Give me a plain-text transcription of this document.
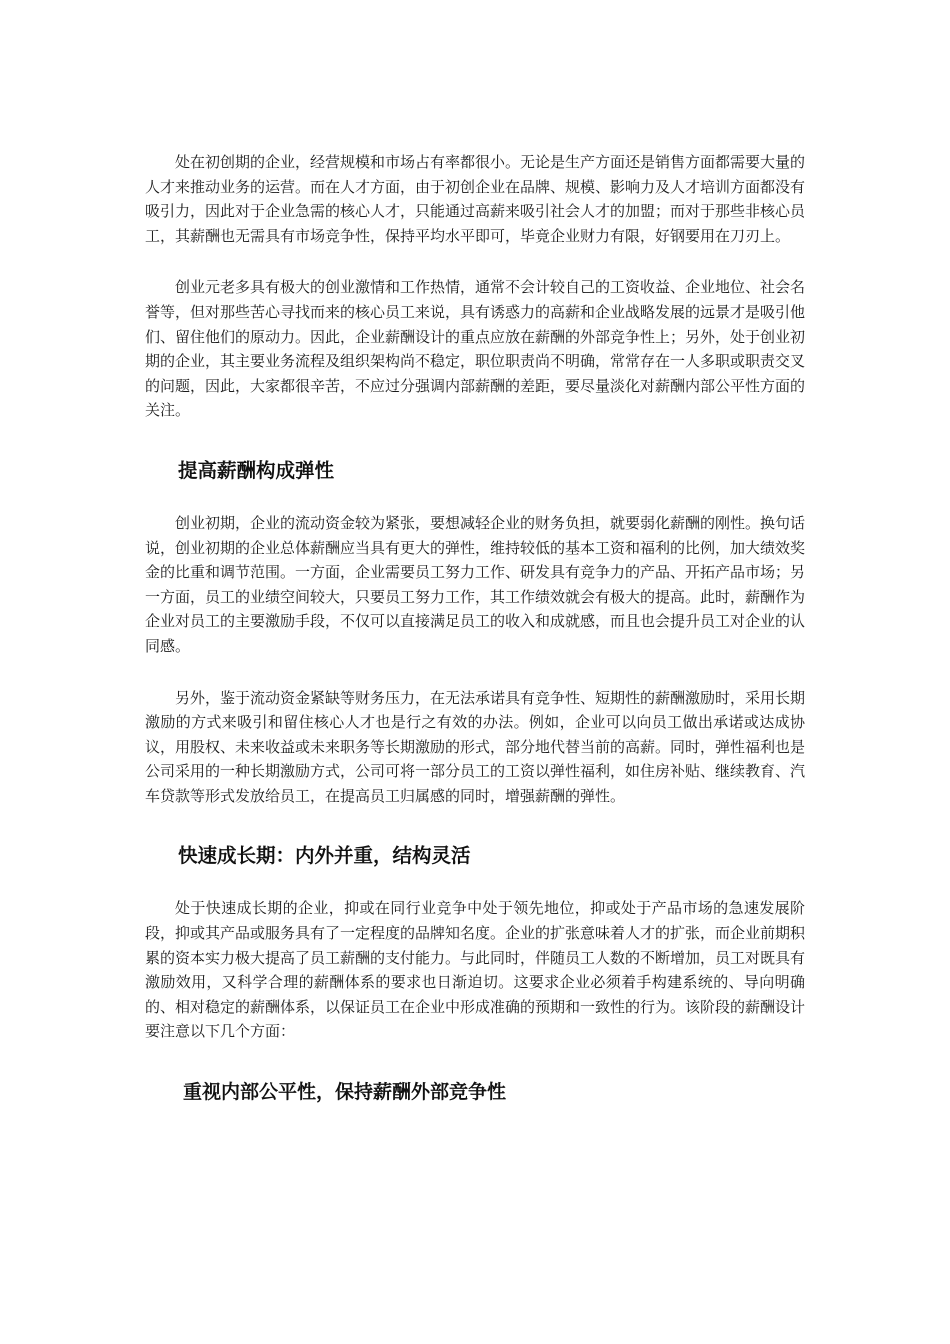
处在初创期的企业，经营规模和市场占有率都很小。无论是生产方面还是销售方面都需要大量的人才来推动业务的运营。而在人才方面，由于初创企业在品牌、规模、影响力及人才培训方面都没有吸引力，因此对于企业急需的核心人才，只能通过高薪来吸引社会人才的加盟；而对于那些非核心员工，其薪酬也无需具有市场竞争性，保持平均水平即可，毕竟企业财力有限，好钢要用在刀刃上。

创业元老多具有极大的创业激情和工作热情，通常不会计较自己的工资收益、企业地位、社会名誉等，但对那些苦心寻找而来的核心员工来说，具有诱惑力的高薪和企业战略发展的远景才是吸引他们、留住他们的原动力。因此，企业薪酬设计的重点应放在薪酬的外部竞争性上；另外，处于创业初期的企业，其主要业务流程及组织架构尚不稳定，职位职责尚不明确，常常存在一人多职或职责交叉的问题，因此，大家都很辛苦，不应过分强调内部薪酬的差距，要尽量淡化对薪酬内部公平性方面的关注。

提高薪酬构成弹性

创业初期，企业的流动资金较为紧张，要想减轻企业的财务负担，就要弱化薪酬的刚性。换句话说，创业初期的企业总体薪酬应当具有更大的弹性，维持较低的基本工资和福利的比例，加大绩效奖金的比重和调节范围。一方面，企业需要员工努力工作、研发具有竞争力的产品、开拓产品市场；另一方面，员工的业绩空间较大，只要员工努力工作，其工作绩效就会有极大的提高。此时，薪酬作为企业对员工的主要激励手段，不仅可以直接满足员工的收入和成就感，而且也会提升员工对企业的认同感。

另外，鉴于流动资金紧缺等财务压力，在无法承诺具有竞争性、短期性的薪酬激励时，采用长期激励的方式来吸引和留住核心人才也是行之有效的办法。例如，企业可以向员工做出承诺或达成协议，用股权、未来收益或未来职务等长期激励的形式，部分地代替当前的高薪。同时，弹性福利也是公司采用的一种长期激励方式，公司可将一部分员工的工资以弹性福利，如住房补贴、继续教育、汽车贷款等形式发放给员工，在提高员工归属感的同时，增强薪酬的弹性。

快速成长期：内外并重，结构灵活

处于快速成长期的企业，抑或在同行业竞争中处于领先地位，抑或处于产品市场的急速发展阶段，抑或其产品或服务具有了一定程度的品牌知名度。企业的扩张意味着人才的扩张，而企业前期积累的资本实力极大提高了员工薪酬的支付能力。与此同时，伴随员工人数的不断增加，员工对既具有激励效用，又科学合理的薪酬体系的要求也日渐迫切。这要求企业必须着手构建系统的、导向明确的、相对稳定的薪酬体系，以保证员工在企业中形成准确的预期和一致性的行为。该阶段的薪酬设计要注意以下几个方面：

重视内部公平性，保持薪酬外部竞争性
